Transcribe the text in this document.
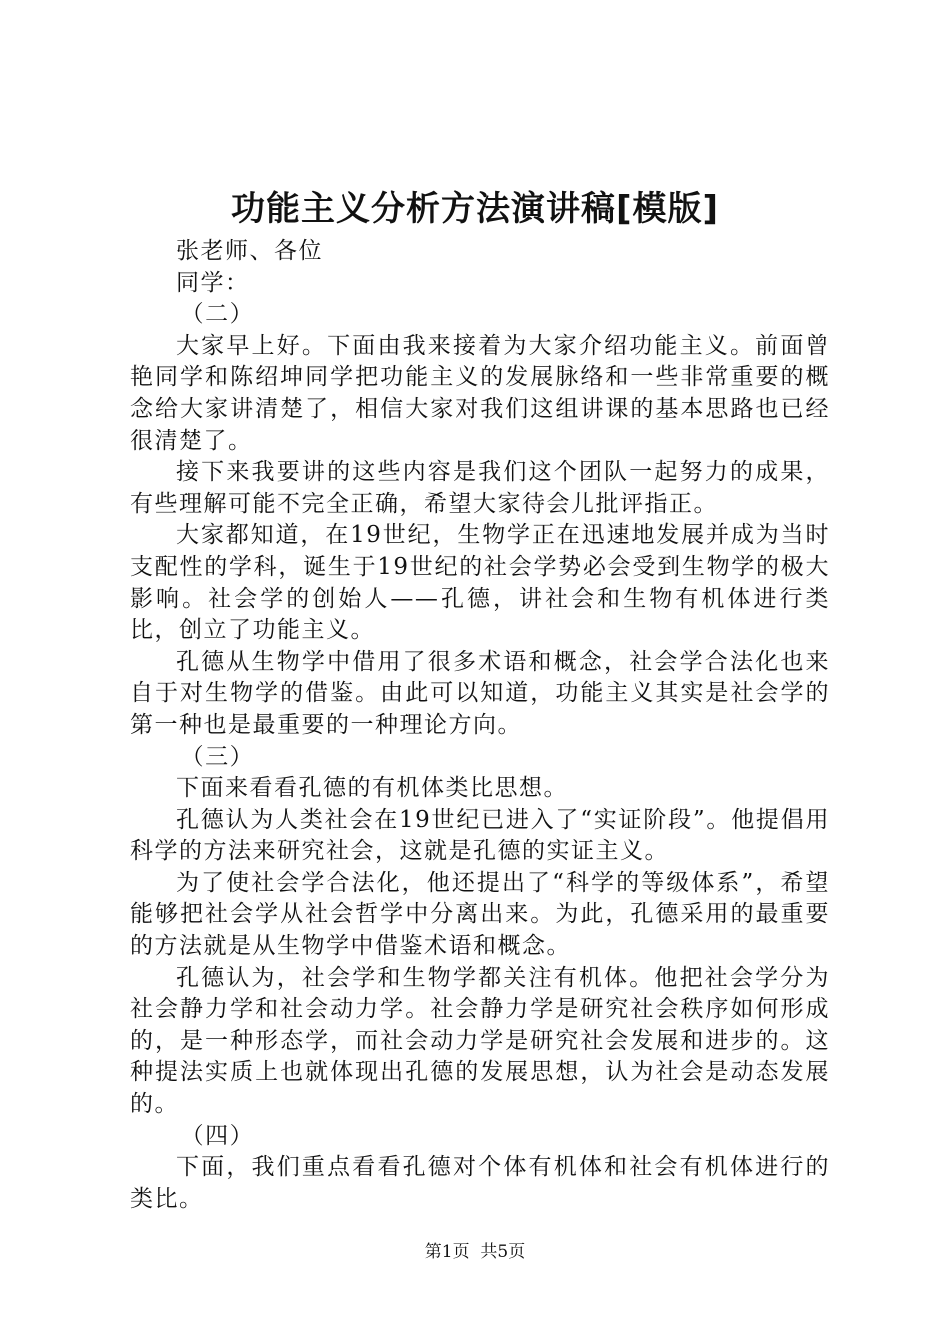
功能主义分析方法演讲稿[模版]

张老师、各位

同学：

（二）

大家早上好。下面由我来接着为大家介绍功能主义。前面曾艳同学和陈绍坤同学把功能主义的发展脉络和一些非常重要的概念给大家讲清楚了，相信大家对我们这组讲课的基本思路也已经很清楚了。

接下来我要讲的这些内容是我们这个团队一起努力的成果，有些理解可能不完全正确，希望大家待会儿批评指正。

大家都知道，在19世纪，生物学正在迅速地发展并成为当时支配性的学科，诞生于19世纪的社会学势必会受到生物学的极大影响。社会学的创始人——孔德，讲社会和生物有机体进行类比，创立了功能主义。

孔德从生物学中借用了很多术语和概念，社会学合法化也来自于对生物学的借鉴。由此可以知道，功能主义其实是社会学的第一种也是最重要的一种理论方向。

（三）

下面来看看孔德的有机体类比思想。

孔德认为人类社会在19世纪已进入了“实证阶段”。他提倡用科学的方法来研究社会，这就是孔德的实证主义。

为了使社会学合法化，他还提出了“科学的等级体系”，希望能够把社会学从社会哲学中分离出来。为此，孔德采用的最重要的方法就是从生物学中借鉴术语和概念。

孔德认为，社会学和生物学都关注有机体。他把社会学分为社会静力学和社会动力学。社会静力学是研究社会秩序如何形成的，是一种形态学，而社会动力学是研究社会发展和进步的。这种提法实质上也就体现出孔德的发展思想，认为社会是动态发展的。

（四）

下面，我们重点看看孔德对个体有机体和社会有机体进行的类比。

第1页 共5页
